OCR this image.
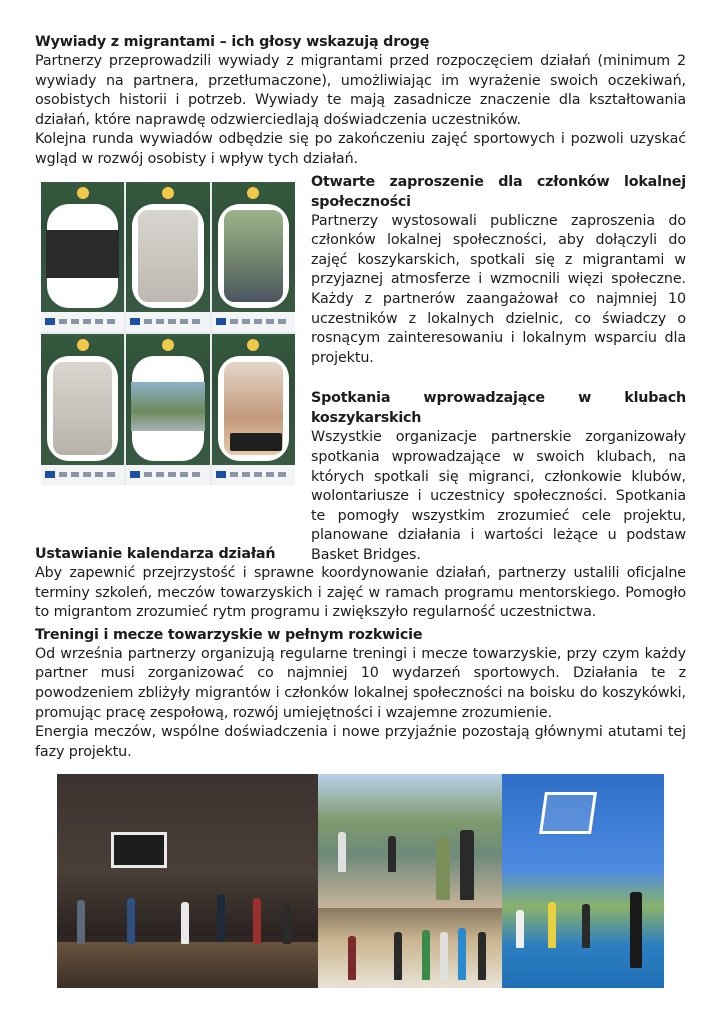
Wywiady z migrantami – ich głosy wskazują drogę

Partnerzy przeprowadzili wywiady z migrantami przed rozpoczęciem działań (minimum 2 wywiady na partnera, przetłumaczone), umożliwiając im wyrażenie swoich oczekiwań, osobistych historii i potrzeb. Wywiady te mają zasadnicze znaczenie dla kształtowania działań, które naprawdę odzwierciedlają doświadczenia uczestników.

Kolejna runda wywiadów odbędzie się po zakończeniu zajęć sportowych i pozwoli uzyskać wgląd w rozwój osobisty i wpływ tych działań.

Otwarte zaproszenie dla członków lokalnej społeczności

Partnerzy wystosowali publiczne zaproszenia do członków lokalnej społeczności, aby dołączyli do zajęć koszykarskich, spotkali się z migrantami w przyjaznej atmosferze i wzmocnili więzi społeczne. Każdy z partnerów zaangażował co najmniej 10 uczestników z lokalnych dzielnic, co świadczy o rosnącym zainteresowaniu i lokalnym wsparciu dla projektu.

Spotkania wprowadzające w klubach koszykarskich

Wszystkie organizacje partnerskie zorganizowały spotkania wprowadzające w swoich klubach, na których spotkali się migranci, członkowie klubów, wolontariusze i uczestnicy społeczności. Spotkania te pomogły wszystkim zrozumieć cele projektu, planowane działania i wartości leżące u podstaw Basket Bridges.

Ustawianie kalendarza działań

Aby zapewnić przejrzystość i sprawne koordynowanie działań, partnerzy ustalili oficjalne terminy szkoleń, meczów towarzyskich i zajęć w ramach programu mentorskiego. Pomogło to migrantom zrozumieć rytm programu i zwiększyło regularność uczestnictwa.

Treningi i mecze towarzyskie w pełnym rozkwicie

Od września partnerzy organizują regularne treningi i mecze towarzyskie, przy czym każdy partner musi zorganizować co najmniej 10 wydarzeń sportowych. Działania te z powodzeniem zbliżyły migrantów i członków lokalnej społeczności na boisku do koszykówki, promując pracę zespołową, rozwój umiejętności i wzajemne zrozumienie.

Energia meczów, wspólne doświadczenia i nowe przyjaźnie pozostają głównymi atutami tej fazy projektu.
